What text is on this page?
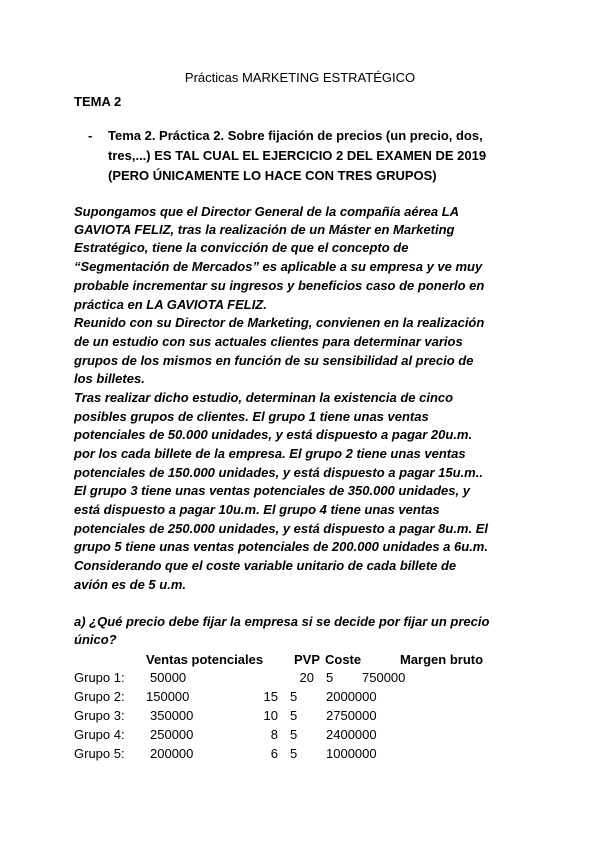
Prácticas MARKETING ESTRATÉGICO
TEMA 2
- Tema 2. Práctica 2. Sobre fijación de precios (un precio, dos,
tres,...) ES TAL CUAL EL EJERCICIO 2 DEL EXAMEN DE 2019
(PERO ÚNICAMENTE LO HACE CON TRES GRUPOS)
Supongamos que el Director General de la compañía aérea LA
GAVIOTA FELIZ, tras la realización de un Máster en Marketing
Estratégico, tiene la convicción de que el concepto de
“Segmentación de Mercados” es aplicable a su empresa y ve muy
probable incrementar su ingresos y beneficios caso de ponerlo en
práctica en LA GAVIOTA FELIZ.
Reunido con su Director de Marketing, convienen en la realización
de un estudio con sus actuales clientes para determinar varios
grupos de los mismos en función de su sensibilidad al precio de
los billetes.
Tras realizar dicho estudio, determinan la existencia de cinco
posibles grupos de clientes. El grupo 1 tiene unas ventas
potenciales de 50.000 unidades, y está dispuesto a pagar 20u.m.
por los cada billete de la empresa. El grupo 2 tiene unas ventas
potenciales de 150.000 unidades, y está dispuesto a pagar 15u.m..
El grupo 3 tiene unas ventas potenciales de 350.000 unidades, y
está dispuesto a pagar 10u.m. El grupo 4 tiene unas ventas
potenciales de 250.000 unidades, y está dispuesto a pagar 8u.m. El
grupo 5 tiene unas ventas potenciales de 200.000 unidades a 6u.m.
Considerando que el coste variable unitario de cada billete de
avión es de 5 u.m.
a) ¿Qué precio debe fijar la empresa si se decide por fijar un precio
único?
Ventas potenciales PVP Coste	Margen bruto
Grupo 1: 50000	20 5 750000
Grupo 2: 150000	15 5 2000000
Grupo 3: 350000	10 5 2750000
Grupo 4: 250000	8 5 2400000
Grupo 5: 200000	6 5 1000000
